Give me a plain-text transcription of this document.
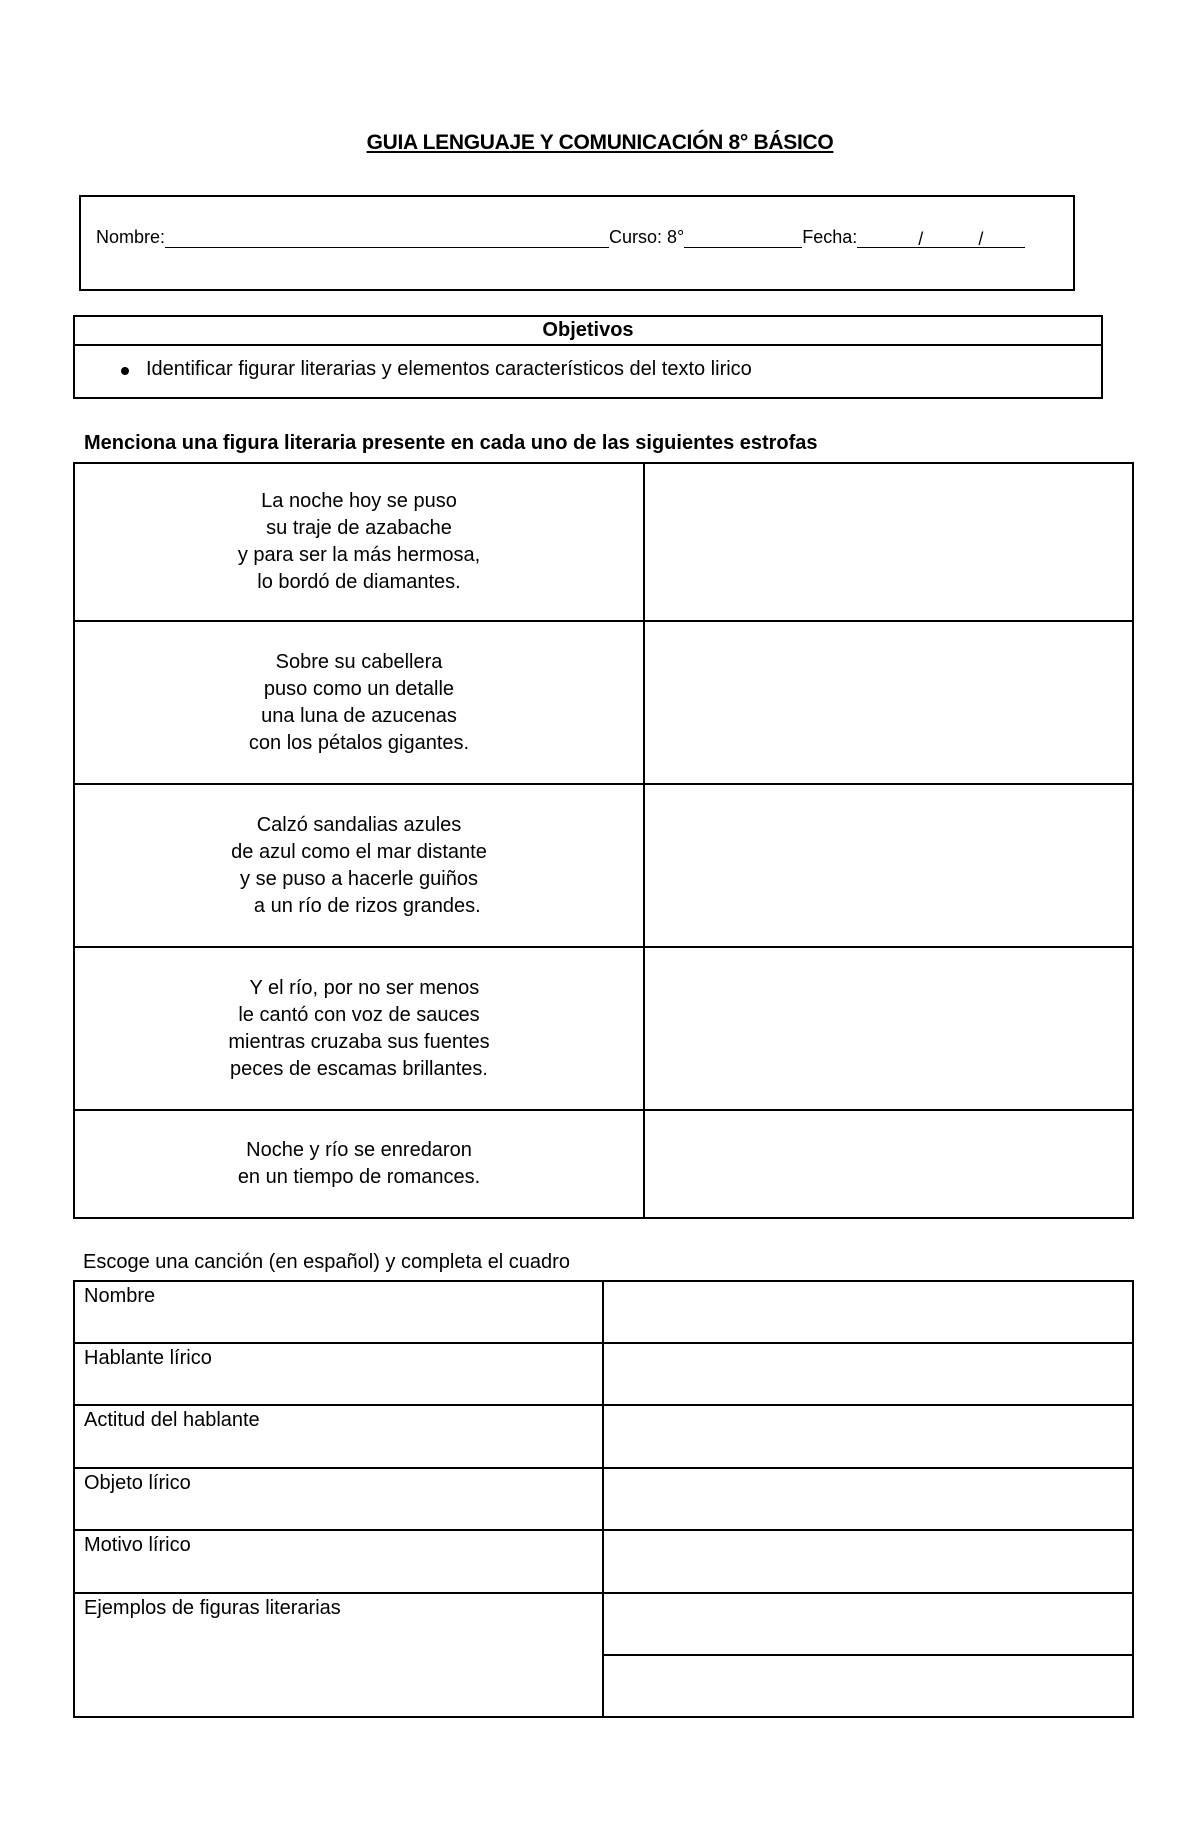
GUIA LENGUAJE Y COMUNICACIÓN 8° BÁSICO
Nombre:	Curso: 8°	Fecha:	/	/
Objetivos
Identificar figurar literarias y elementos característicos del texto lirico
Menciona una figura literaria presente en cada uno de las siguientes estrofas
La noche hoy se puso
su traje de azabache
y para ser la más hermosa,
lo bordó de diamantes.	
Sobre su cabellera
puso como un detalle
una luna de azucenas
con los pétalos gigantes.	
Calzó sandalias azules
de azul como el mar distante
y se puso a hacerle guiños
a un río de rizos grandes.	
Y el río, por no ser menos
le cantó con voz de sauces
mientras cruzaba sus fuentes
peces de escamas brillantes.	
Noche y río se enredaron
en un tiempo de romances.	
Escoge una canción (en español) y completa el cuadro
Nombre	
Hablante lírico	
Actitud del hablante	
Objeto lírico	
Motivo lírico	
Ejemplos de figuras literarias	
